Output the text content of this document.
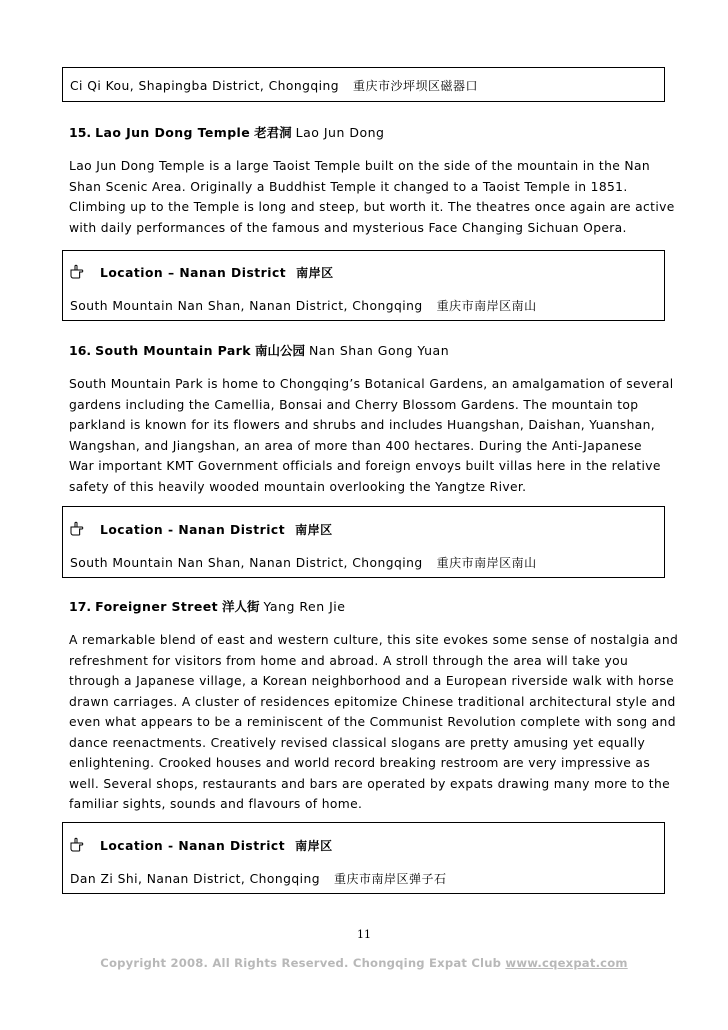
Ci Qi Kou, Shapingba District, Chongqing 重庆市沙坪坝区磁器口
15. Lao Jun Dong Temple 老君洞 Lao Jun Dong
Lao Jun Dong Temple is a large Taoist Temple built on the side of the mountain in the Nan
Shan Scenic Area. Originally a Buddhist Temple it changed to a Taoist Temple in 1851.
Climbing up to the Temple is long and steep, but worth it. The theatres once again are active
with daily performances of the famous and mysterious Face Changing Sichuan Opera.
Location – Nanan District 南岸区
South Mountain Nan Shan, Nanan District, Chongqing 重庆市南岸区南山
16. South Mountain Park 南山公园 Nan Shan Gong Yuan
South Mountain Park is home to Chongqing’s Botanical Gardens, an amalgamation of several
gardens including the Camellia, Bonsai and Cherry Blossom Gardens. The mountain top
parkland is known for its flowers and shrubs and includes Huangshan, Daishan, Yuanshan,
Wangshan, and Jiangshan, an area of more than 400 hectares. During the Anti-Japanese
War important KMT Government officials and foreign envoys built villas here in the relative
safety of this heavily wooded mountain overlooking the Yangtze River.
Location - Nanan District 南岸区
South Mountain Nan Shan, Nanan District, Chongqing 重庆市南岸区南山
17. Foreigner Street 洋人街 Yang Ren Jie
A remarkable blend of east and western culture, this site evokes some sense of nostalgia and
refreshment for visitors from home and abroad. A stroll through the area will take you
through a Japanese village, a Korean neighborhood and a European riverside walk with horse
drawn carriages. A cluster of residences epitomize Chinese traditional architectural style and
even what appears to be a reminiscent of the Communist Revolution complete with song and
dance reenactments. Creatively revised classical slogans are pretty amusing yet equally
enlightening. Crooked houses and world record breaking restroom are very impressive as
well. Several shops, restaurants and bars are operated by expats drawing many more to the
familiar sights, sounds and flavours of home.
Location - Nanan District 南岸区
Dan Zi Shi, Nanan District, Chongqing 重庆市南岸区弹子石
11
Copyright 2008. All Rights Reserved. Chongqing Expat Club www.cqexpat.com
